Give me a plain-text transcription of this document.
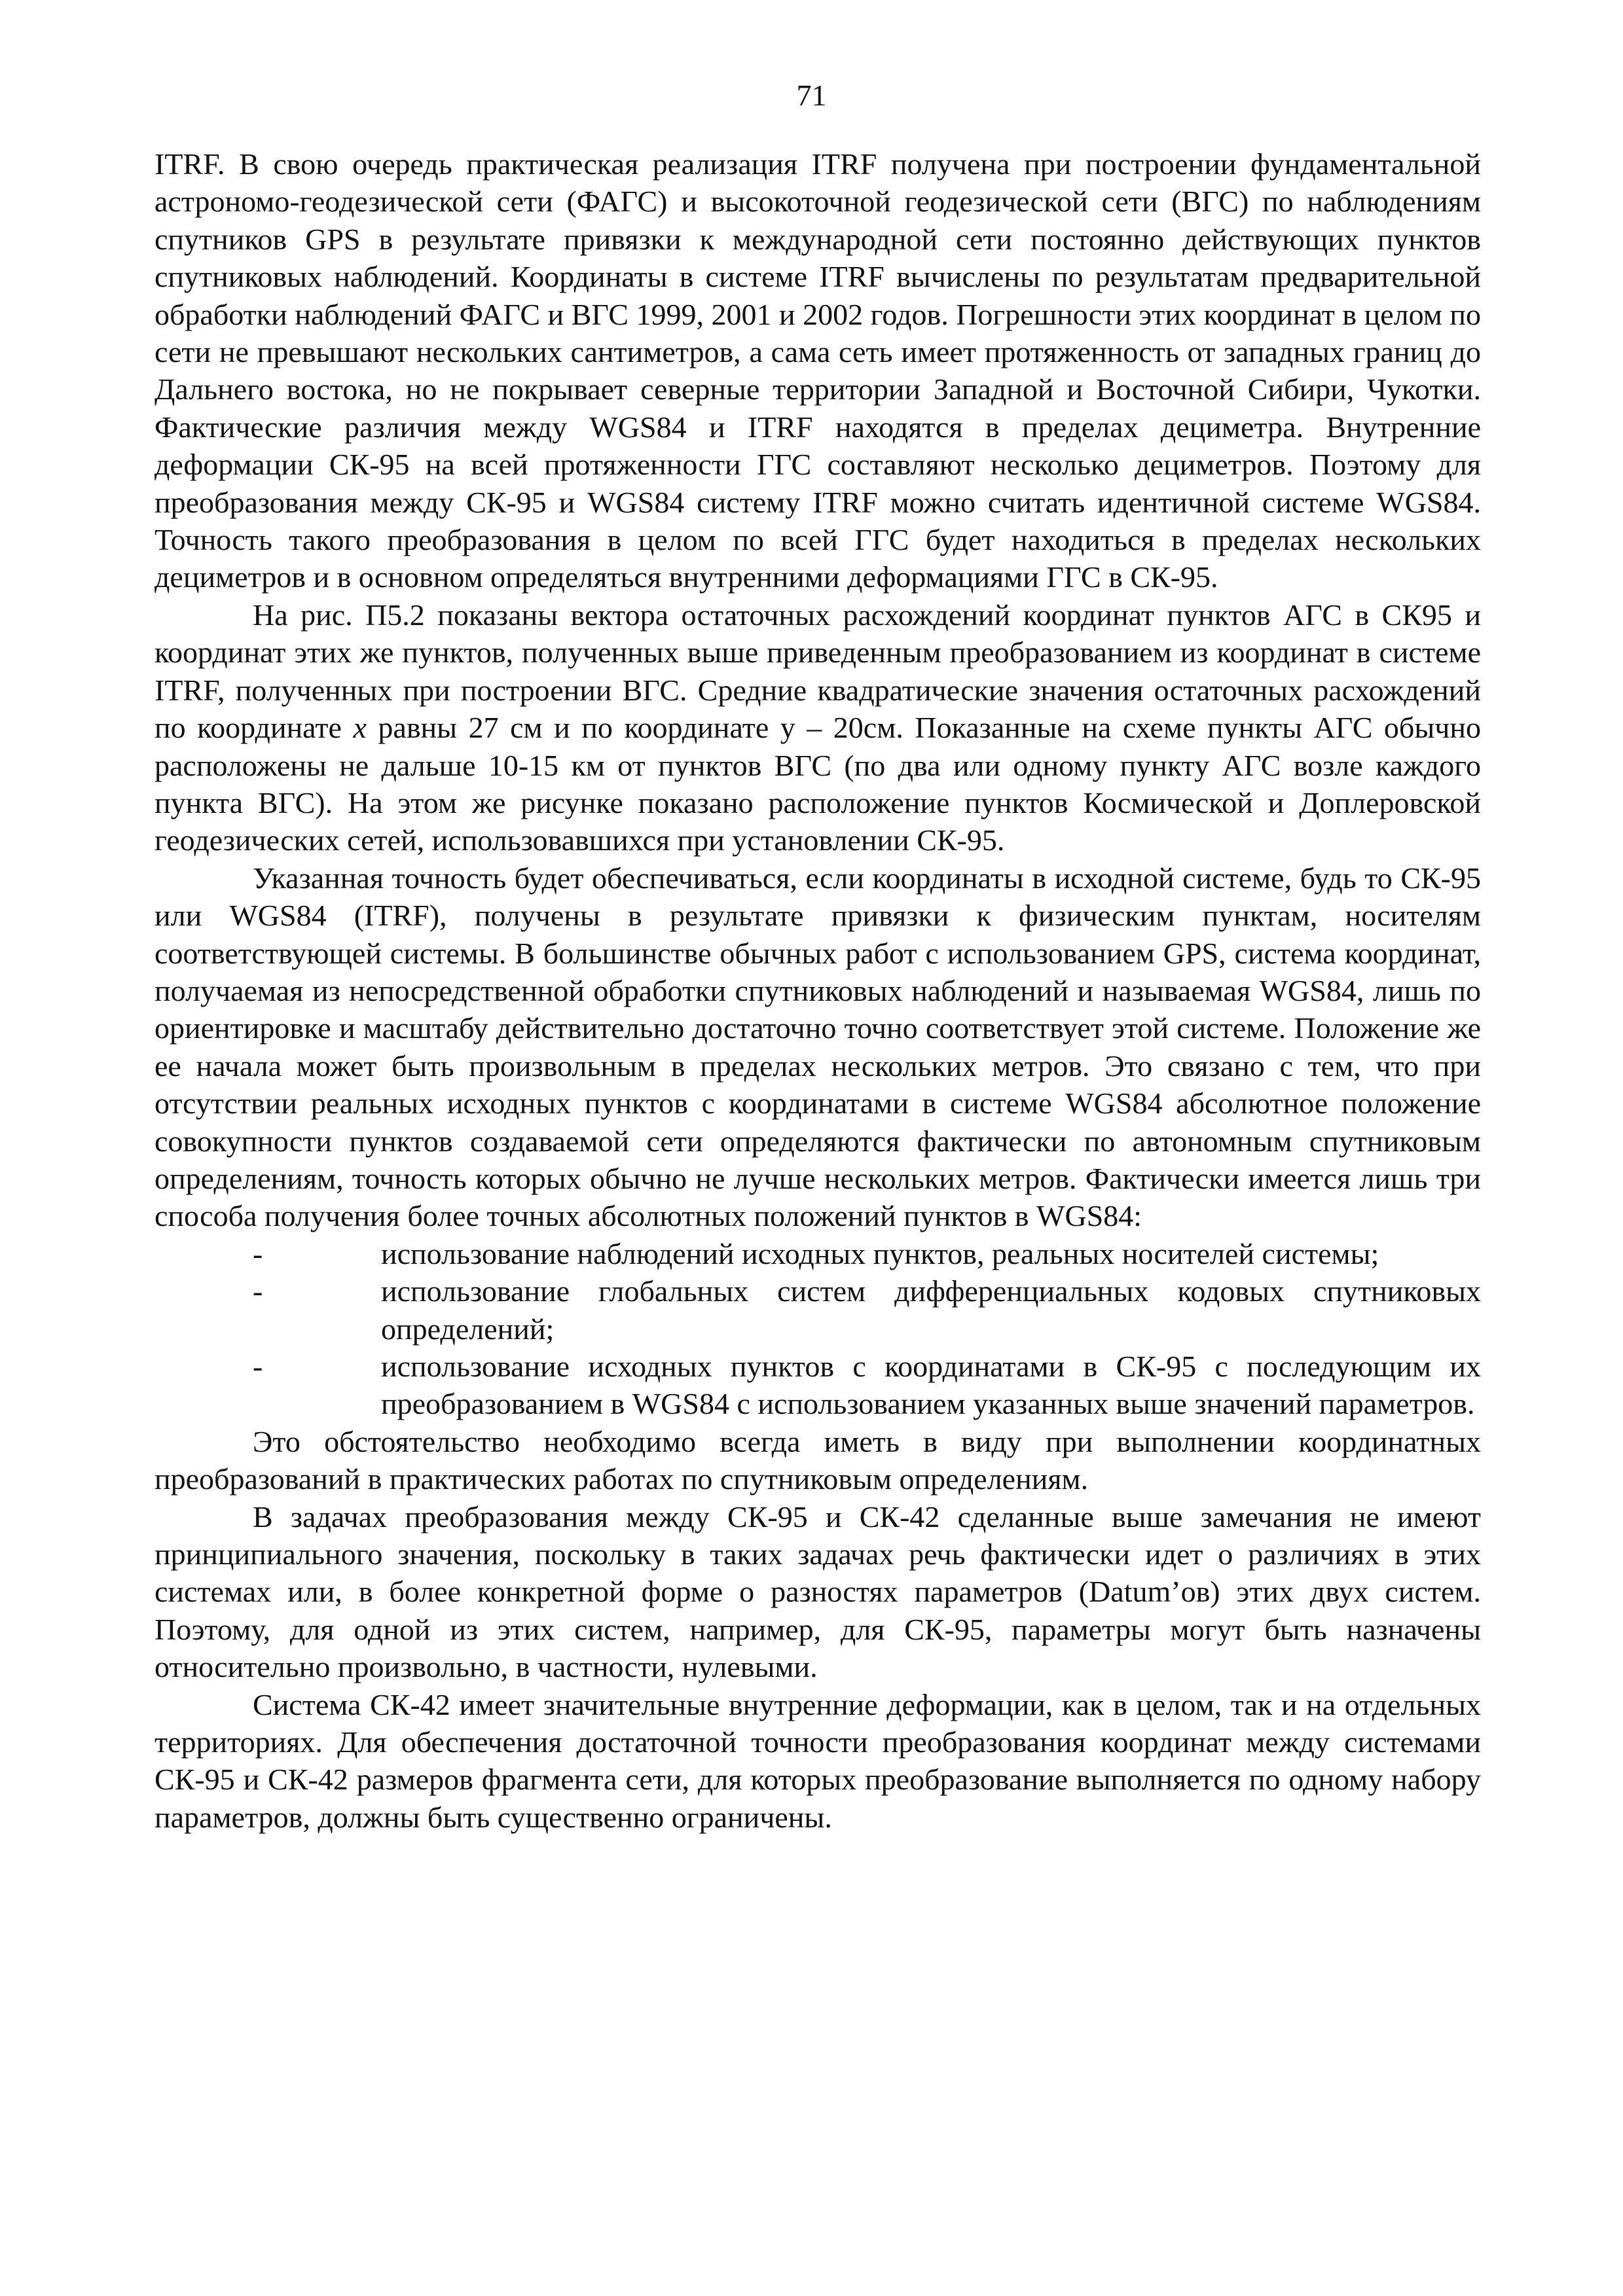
71

ITRF. В свою очередь практическая реализация ITRF получена при построении фундаментальной астрономо-геодезической сети (ФАГС) и высокоточной геодезической сети (ВГС) по наблюдениям спутников GPS в результате привязки к международной сети постоянно действующих пунктов спутниковых наблюдений. Координаты в системе ITRF вычислены по результатам предварительной обработки наблюдений ФАГС и ВГС 1999, 2001 и 2002 годов. Погрешности этих координат в целом по сети не превышают нескольких сантиметров, а сама сеть имеет протяженность от западных границ до Дальнего востока, но не покрывает северные территории Западной и Восточной Сибири, Чукотки. Фактические различия между WGS84 и ITRF находятся в пределах дециметра. Внутренние деформации СК-95 на всей протяженности ГГС составляют несколько дециметров. Поэтому для преобразования между СК-95 и WGS84 систему ITRF можно считать идентичной системе WGS84. Точность такого преобразования в целом по всей ГГС будет находиться в пределах нескольких дециметров и в основном определяться внутренними деформациями ГГС в СК-95.

На рис. П5.2 показаны вектора остаточных расхождений координат пунктов АГС в СК95 и координат этих же пунктов, полученных выше приведенным преобразованием из координат в системе ITRF, полученных при построении ВГС. Средние квадратические значения остаточных расхождений по координате x равны 27 см и по координате у – 20см. Показанные на схеме пункты АГС обычно расположены не дальше 10-15 км от пунктов ВГС (по два или одному пункту АГС возле каждого пункта ВГС). На этом же рисунке показано расположение пунктов Космической и Доплеровской геодезических сетей, использовавшихся при установлении СК-95.

Указанная точность будет обеспечиваться, если координаты в исходной системе, будь то СК-95 или WGS84 (ITRF), получены в результате привязки к физическим пунктам, носителям соответствующей системы. В большинстве обычных работ с использованием GPS, система координат, получаемая из непосредственной обработки спутниковых наблюдений и называемая WGS84, лишь по ориентировке и масштабу действительно достаточно точно соответствует этой системе. Положение же ее начала может быть произвольным в пределах нескольких метров. Это связано с тем, что при отсутствии реальных исходных пунктов с координатами в системе WGS84 абсолютное положение совокупности пунктов создаваемой сети определяются фактически по автономным спутниковым определениям, точность которых обычно не лучше нескольких метров. Фактически имеется лишь три способа получения более точных абсолютных положений пунктов в WGS84:

-	использование наблюдений исходных пунктов, реальных носителей системы;
-	использование глобальных систем дифференциальных кодовых спутниковых определений;
-	использование исходных пунктов с координатами в СК-95 с последующим их преобразованием в WGS84 с использованием указанных выше значений параметров.

Это обстоятельство необходимо всегда иметь в виду при выполнении координатных преобразований в практических работах по спутниковым определениям.

В задачах преобразования между СК-95 и СК-42 сделанные выше замечания не имеют принципиального значения, поскольку в таких задачах речь фактически идет о различиях в этих системах или, в более конкретной форме о разностях параметров (Datum’ов) этих двух систем. Поэтому, для одной из этих систем, например, для СК-95, параметры могут быть назначены относительно произвольно, в частности, нулевыми.

Система СК-42 имеет значительные внутренние деформации, как в целом, так и на отдельных территориях. Для обеспечения достаточной точности преобразования координат между системами СК-95 и СК-42 размеров фрагмента сети, для которых преобразование выполняется по одному набору параметров, должны быть существенно ограничены.
